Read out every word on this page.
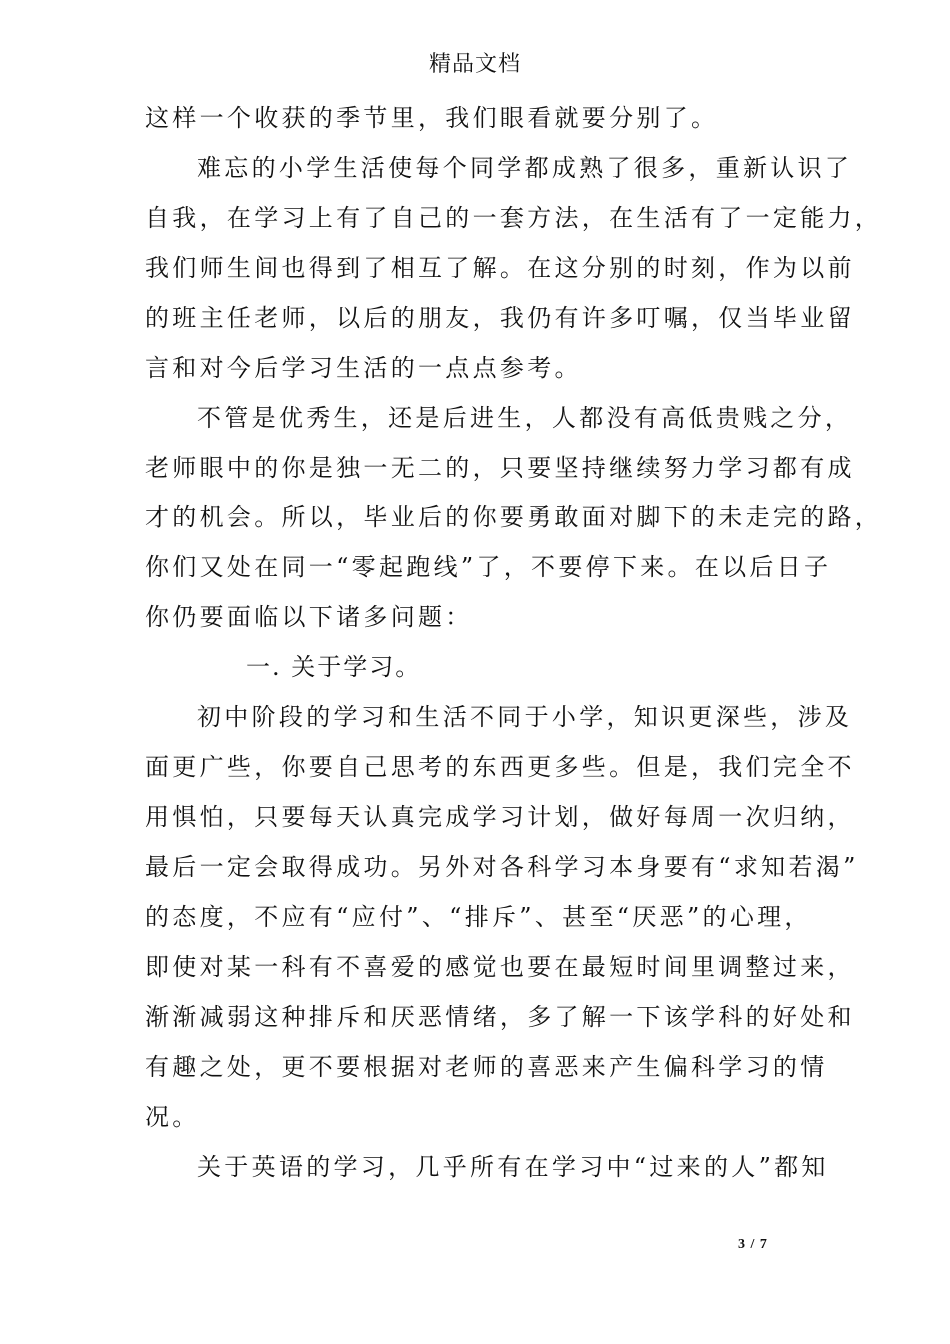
精品文档

这样一个收获的季节里，我们眼看就要分别了。

难忘的小学生活使每个同学都成熟了很多，重新认识了

自我，在学习上有了自己的一套方法，在生活有了一定能力，

我们师生间也得到了相互了解。在这分别的时刻，作为以前

的班主任老师，以后的朋友，我仍有许多叮嘱，仅当毕业留

言和对今后学习生活的一点点参考。

不管是优秀生，还是后进生，人都没有高低贵贱之分，

老师眼中的你是独一无二的，只要坚持继续努力学习都有成

才的机会。所以，毕业后的你要勇敢面对脚下的未走完的路，

你们又处在同一“零起跑线”了，不要停下来。在以后日子

你仍要面临以下诸多问题：

一. 关于学习。

初中阶段的学习和生活不同于小学，知识更深些，涉及

面更广些，你要自己思考的东西更多些。但是，我们完全不

用惧怕，只要每天认真完成学习计划，做好每周一次归纳，

最后一定会取得成功。另外对各科学习本身要有“求知若渴”

的态度，不应有“应付”、“排斥”、甚至“厌恶”的心理，

即使对某一科有不喜爱的感觉也要在最短时间里调整过来，

渐渐减弱这种排斥和厌恶情绪，多了解一下该学科的好处和

有趣之处，更不要根据对老师的喜恶来产生偏科学习的情

况。

关于英语的学习，几乎所有在学习中“过来的人”都知

3 / 7
